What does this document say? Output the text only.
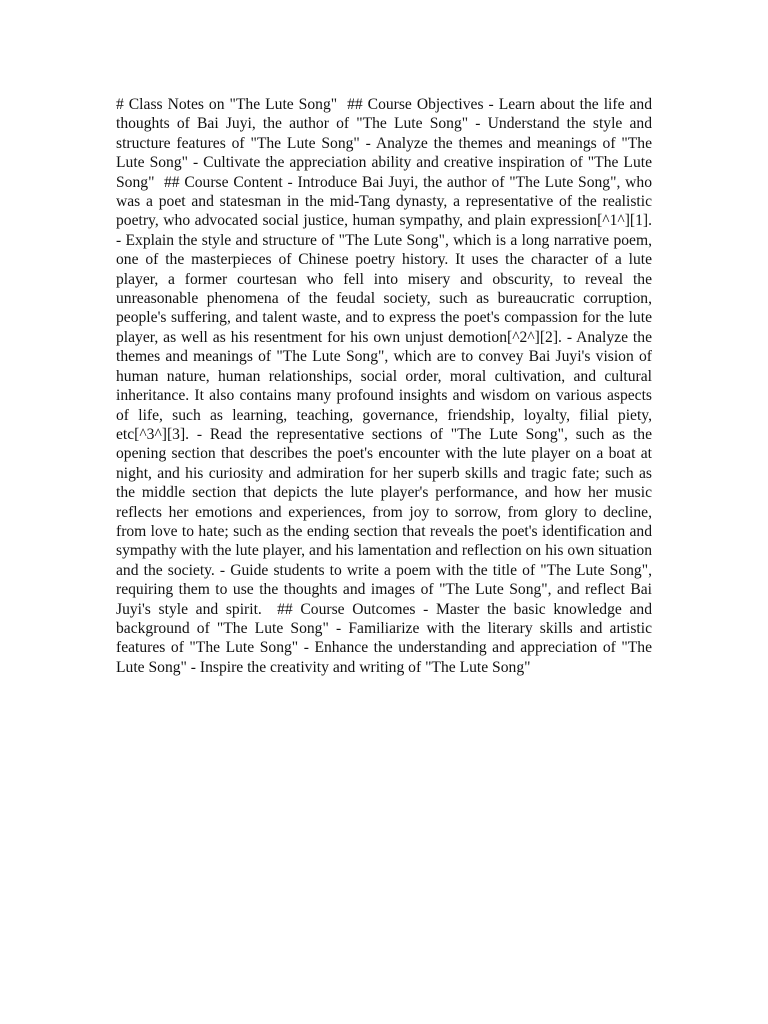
# Class Notes on "The Lute Song"  ## Course Objectives - Learn about the life and thoughts of Bai Juyi, the author of "The Lute Song" - Understand the style and structure features of "The Lute Song" - Analyze the themes and meanings of "The Lute Song" - Cultivate the appreciation ability and creative inspiration of "The Lute Song"  ## Course Content - Introduce Bai Juyi, the author of "The Lute Song", who was a poet and statesman in the mid-Tang dynasty, a representative of the realistic poetry, who advocated social justice, human sympathy, and plain expression[^1^][1]. - Explain the style and structure of "The Lute Song", which is a long narrative poem, one of the masterpieces of Chinese poetry history. It uses the character of a lute player, a former courtesan who fell into misery and obscurity, to reveal the unreasonable phenomena of the feudal society, such as bureaucratic corruption, people's suffering, and talent waste, and to express the poet's compassion for the lute player, as well as his resentment for his own unjust demotion[^2^][2]. - Analyze the themes and meanings of "The Lute Song", which are to convey Bai Juyi's vision of human nature, human relationships, social order, moral cultivation, and cultural inheritance. It also contains many profound insights and wisdom on various aspects of life, such as learning, teaching, governance, friendship, loyalty, filial piety, etc[^3^][3]. - Read the representative sections of "The Lute Song", such as the opening section that describes the poet's encounter with the lute player on a boat at night, and his curiosity and admiration for her superb skills and tragic fate; such as the middle section that depicts the lute player's performance, and how her music reflects her emotions and experiences, from joy to sorrow, from glory to decline, from love to hate; such as the ending section that reveals the poet's identification and sympathy with the lute player, and his lamentation and reflection on his own situation and the society. - Guide students to write a poem with the title of "The Lute Song", requiring them to use the thoughts and images of "The Lute Song", and reflect Bai Juyi's style and spirit.  ## Course Outcomes - Master the basic knowledge and background of "The Lute Song" - Familiarize with the literary skills and artistic features of "The Lute Song" - Enhance the understanding and appreciation of "The Lute Song" - Inspire the creativity and writing of "The Lute Song"
